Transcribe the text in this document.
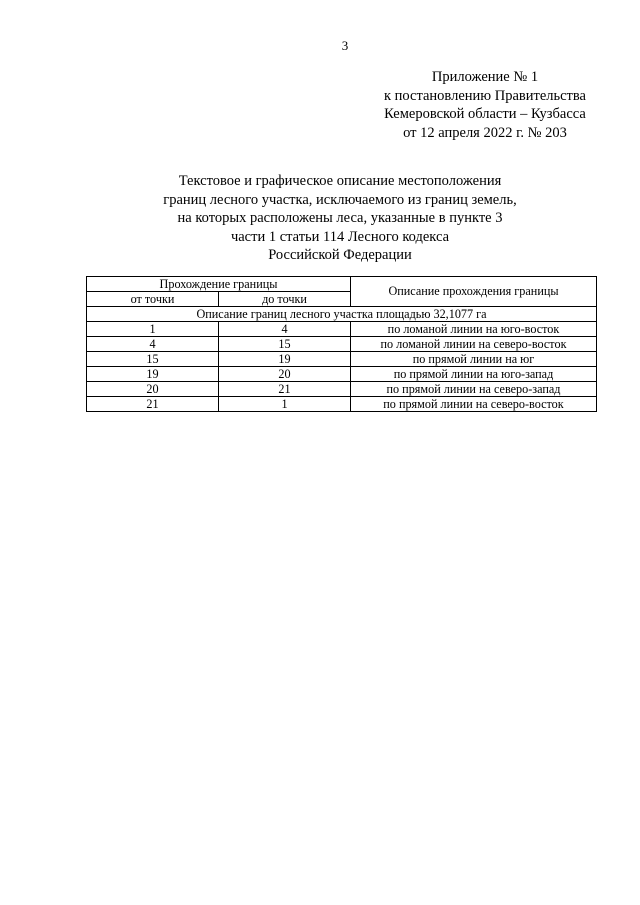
3
Приложение № 1
к постановлению Правительства
Кемеровской области – Кузбасса
от 12 апреля 2022 г. № 203
Текстовое и графическое описание местоположения
границ лесного участка, исключаемого из границ земель,
на которых расположены леса, указанные в пункте 3
части 1 статьи 114 Лесного кодекса
Российской Федерации
Прохождение границы		Описание прохождения границы
от точки	до точки	
Описание границ лесного участка площадью 32,1077 га		
1	4	по ломаной линии на юго-восток
4	15	по ломаной линии на северо-восток
15	19	по прямой линии на юг
19	20	по прямой линии на юго-запад
20	21	по прямой линии на северо-запад
21	1	по прямой линии на северо-восток
